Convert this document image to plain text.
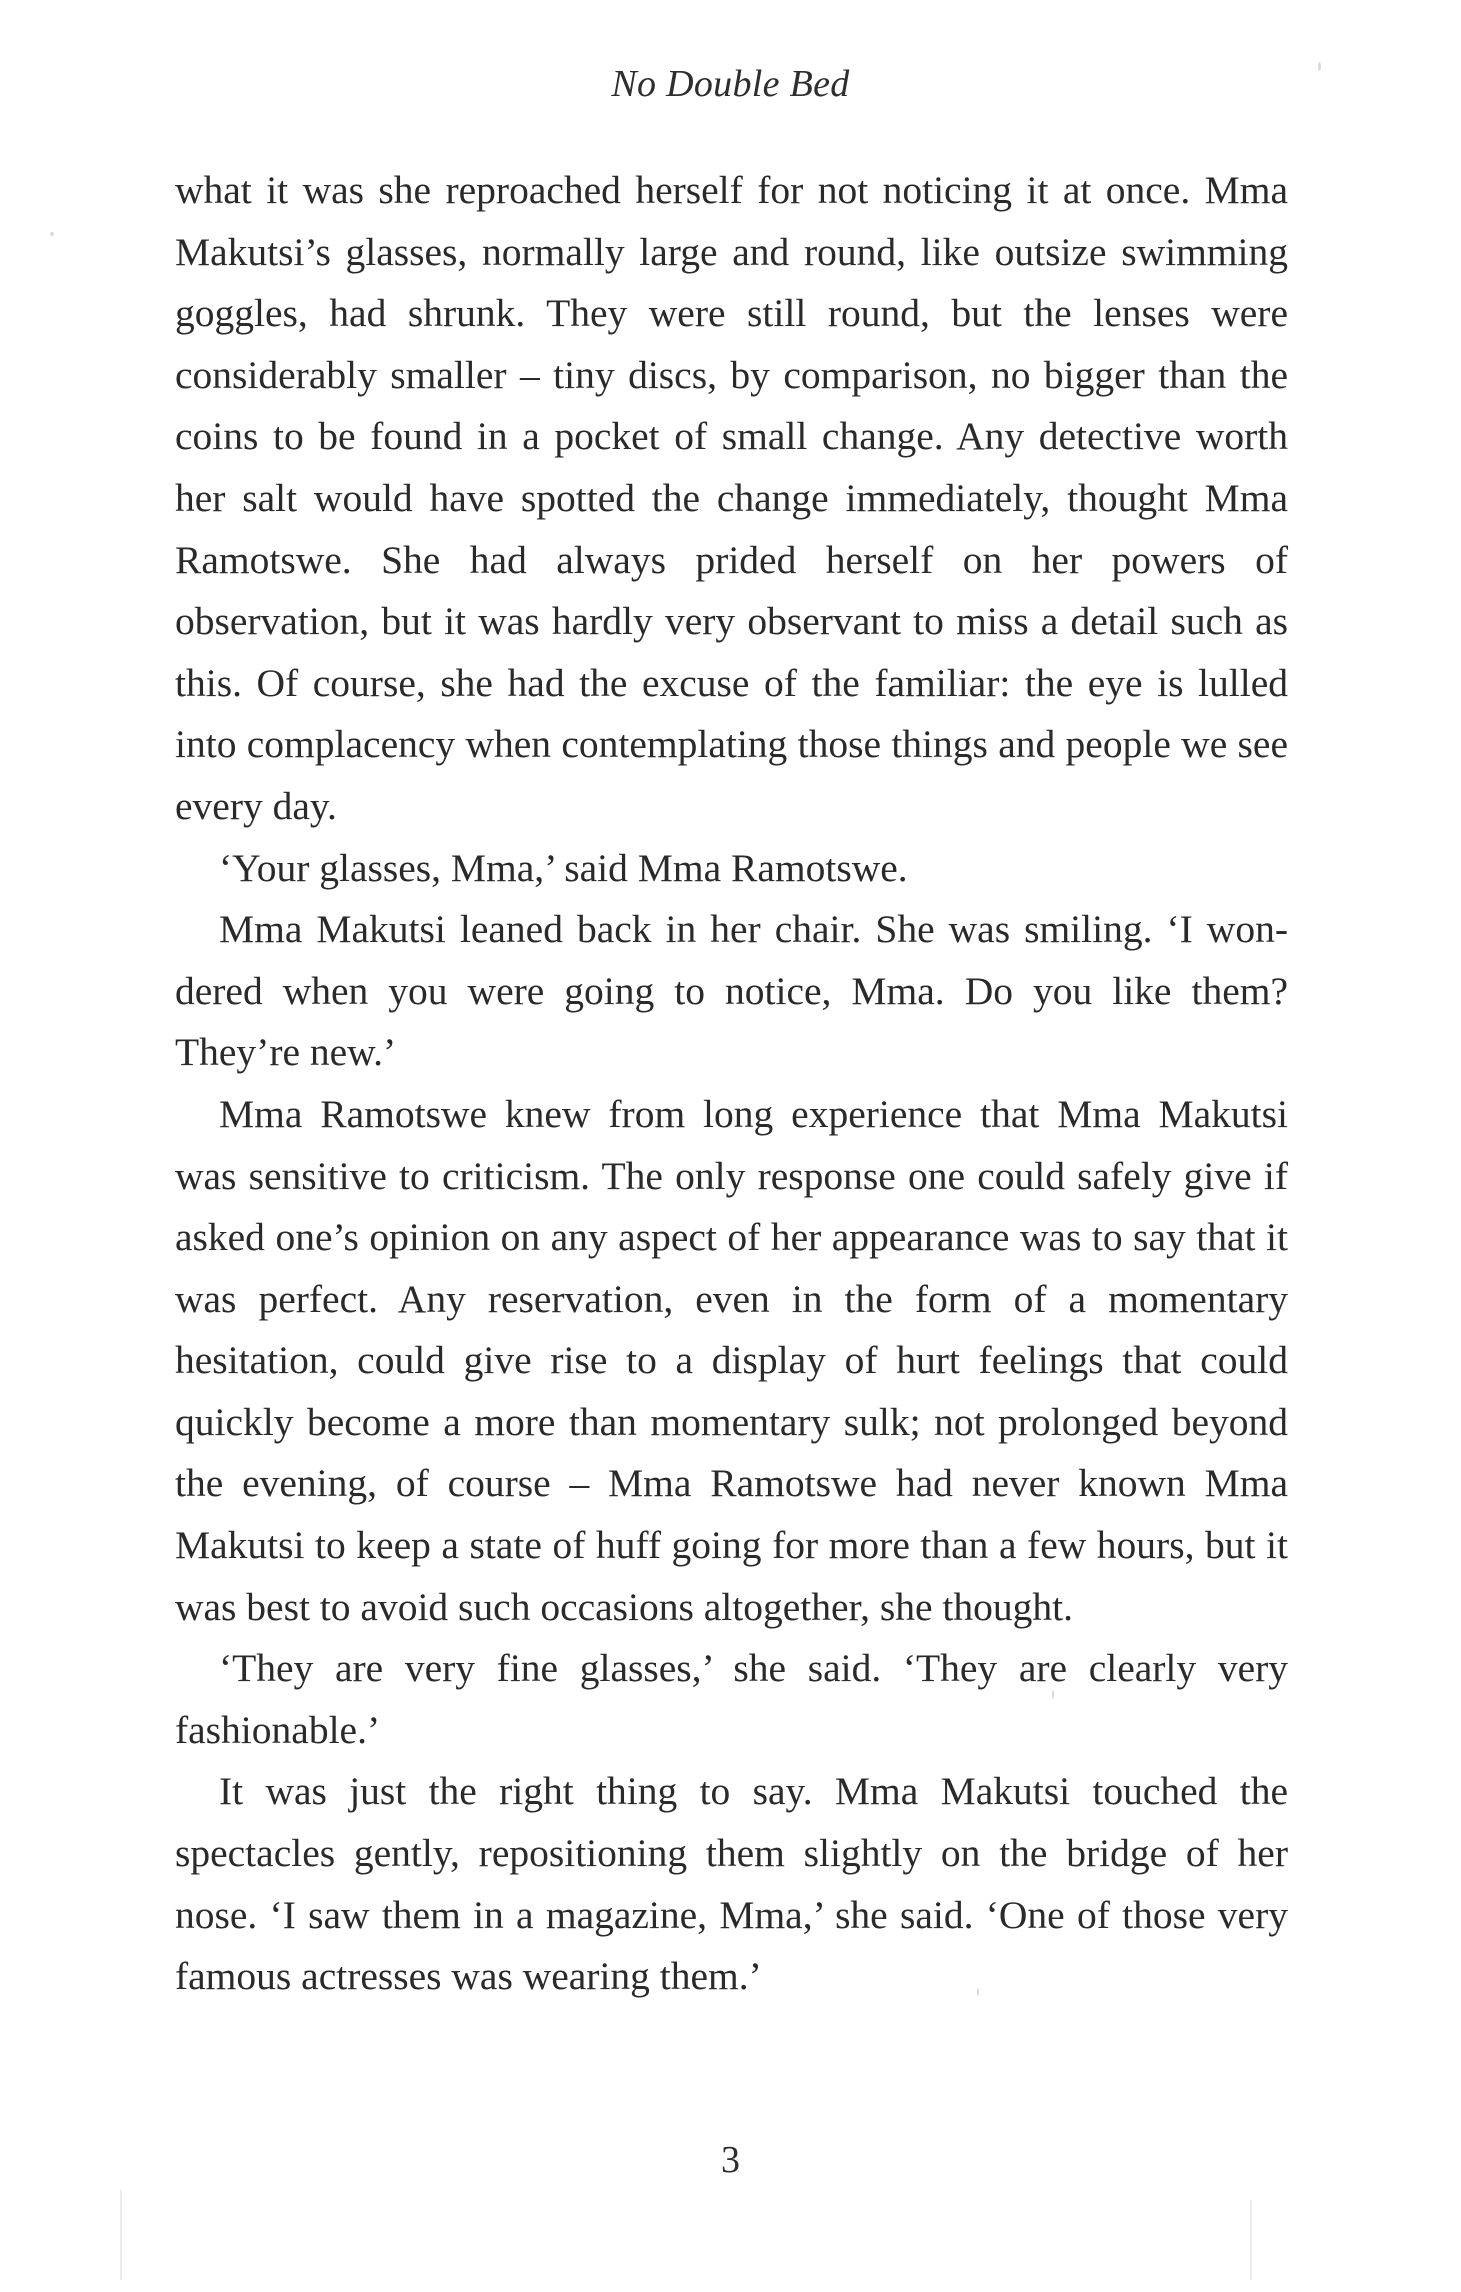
No Double Bed

what it was she reproached herself for not noticing it at once. Mma Makutsi’s glasses, normally large and round, like outsize swimming goggles, had shrunk. They were still round, but the lenses were considerably smaller – tiny discs, by comparison, no bigger than the coins to be found in a pocket of small change. Any detective worth her salt would have spotted the change immediately, thought Mma Ramotswe. She had always prided herself on her powers of observation, but it was hardly very observant to miss a detail such as this. Of course, she had the excuse of the familiar: the eye is lulled into complacency when contemplating those things and people we see every day.

‘Your glasses, Mma,’ said Mma Ramotswe.

Mma Makutsi leaned back in her chair. She was smiling. ‘I wondered when you were going to notice, Mma. Do you like them? They’re new.’

Mma Ramotswe knew from long experience that Mma Makutsi was sensitive to criticism. The only response one could safely give if asked one’s opinion on any aspect of her appearance was to say that it was perfect. Any reservation, even in the form of a momentary hesitation, could give rise to a display of hurt feelings that could quickly become a more than momentary sulk; not prolonged beyond the evening, of course – Mma Ramotswe had never known Mma Makutsi to keep a state of huff going for more than a few hours, but it was best to avoid such occasions altogether, she thought.

‘They are very fine glasses,’ she said. ‘They are clearly very fashionable.’

It was just the right thing to say. Mma Makutsi touched the spectacles gently, repositioning them slightly on the bridge of her nose. ‘I saw them in a magazine, Mma,’ she said. ‘One of those very famous actresses was wearing them.’

3
